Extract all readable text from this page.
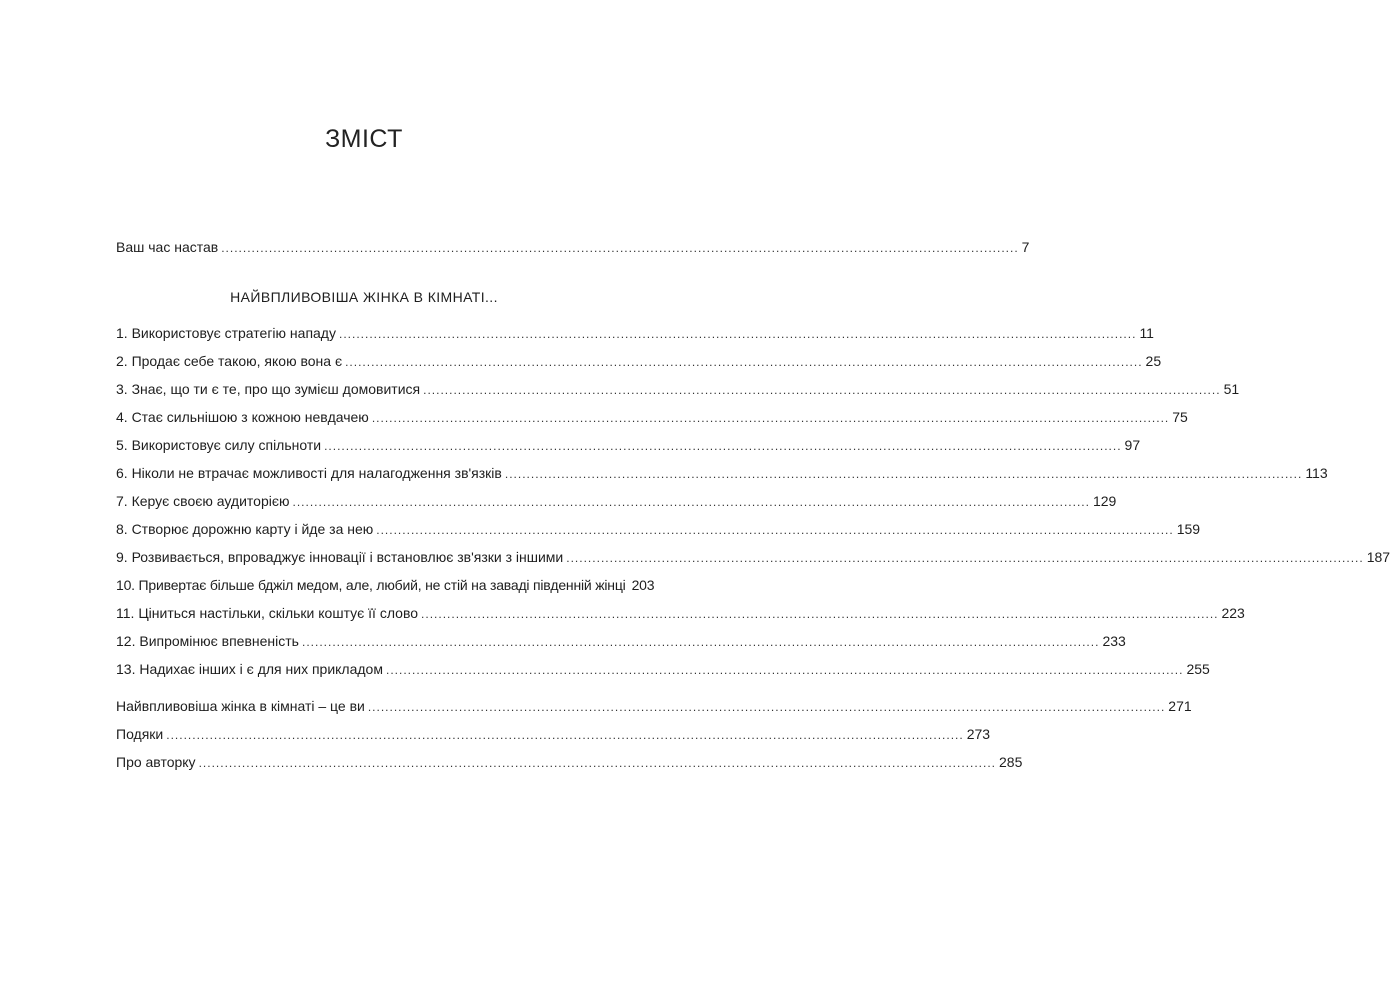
ЗМІСТ
Ваш час настав ........................................................................................................................................................................................ 7
НАЙВПЛИВОВІША ЖІНКА В КІМНАТІ...
1. Використовує стратегію нападу ........................................................................................................................................................................................ 11
2. Продає себе такою, якою вона є ........................................................................................................................................................................................ 25
3. Знає, що ти є те, про що зумієш домовитися ........................................................................................................................................................................................ 51
4. Стає сильнішою з кожною невдачею ........................................................................................................................................................................................ 75
5. Використовує силу спільноти ........................................................................................................................................................................................ 97
6. Ніколи не втрачає можливості для налагодження зв'язків ........................................................................................................................................................................................ 113
7. Керує своєю аудиторією ........................................................................................................................................................................................ 129
8. Створює дорожню карту і йде за нею ........................................................................................................................................................................................ 159
9. Розвивається, впроваджує інновації і встановлює зв'язки з іншими ........................................................................................................................................................................................ 187
10. Привертає більше бджіл медом, але, любий, не стій на заваді південній жінці 203
11. Ціниться настільки, скільки коштує її слово ........................................................................................................................................................................................ 223
12. Випромінює впевненість ........................................................................................................................................................................................ 233
13. Надихає інших і є для них прикладом ........................................................................................................................................................................................ 255
Найвпливовіша жінка в кімнаті – це ви ........................................................................................................................................................................................ 271
Подяки ........................................................................................................................................................................................ 273
Про авторку ........................................................................................................................................................................................ 285
